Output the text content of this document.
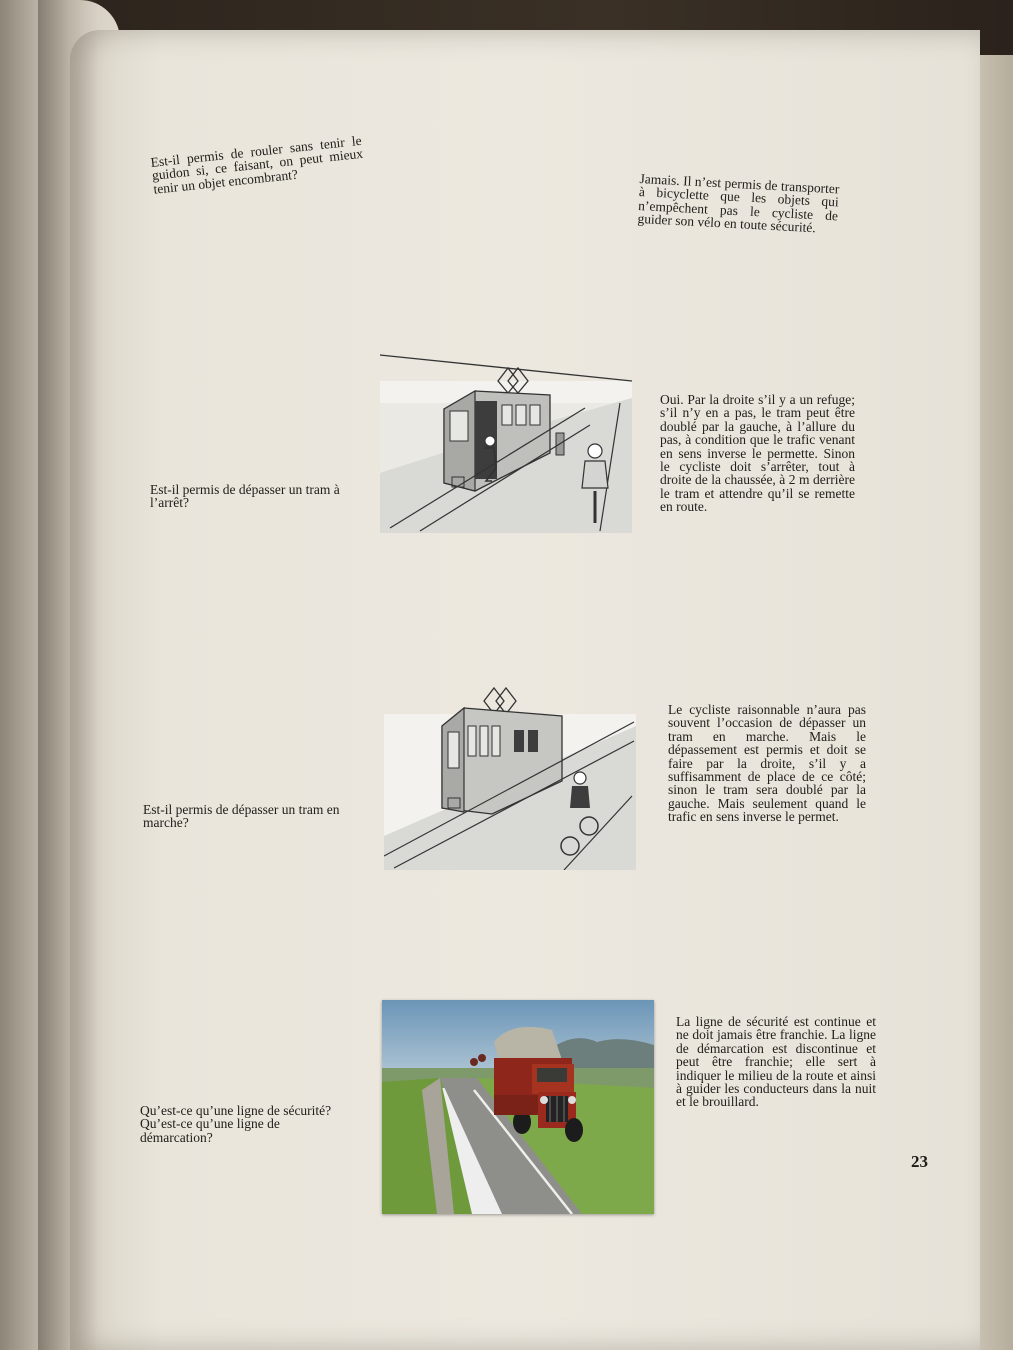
Est-il permis de rouler sans tenir le guidon si, ce faisant, on peut mieux tenir un objet encombrant?	Jamais. Il n’est permis de transporter à bicyclette que les objets qui n’empêchent pas le cycliste de guider son vélo en toute sécurité.
Est-il permis de dépasser un tram à l’arrêt?
Oui. Par la droite s’il y a un refuge; s’il n’y en a pas, le tram peut être doublé par la gauche, à l’allure du pas, à condition que le trafic venant en sens inverse le permette. Sinon le cycliste doit s’arrêter, tout à droite de la chaussée, à 2 m derrière le tram et attendre qu’il se remette en route.
Est-il permis de dépasser un tram en marche?
Le cycliste raisonnable n’aura pas souvent l’occasion de dépasser un tram en marche. Mais le dépassement est permis et doit se faire par la droite, s’il y a suffisamment de place de ce côté; sinon le tram sera doublé par la gauche. Mais seulement quand le trafic en sens inverse le permet.
Qu’est-ce qu’une ligne de sécurité? Qu’est-ce qu’une ligne de démarcation?
La ligne de sécurité est continue et ne doit jamais être franchie. La ligne de démarcation est discontinue et peut être franchie; elle sert à indiquer le milieu de la route et ainsi à guider les conducteurs dans la nuit et le brouillard.
23
